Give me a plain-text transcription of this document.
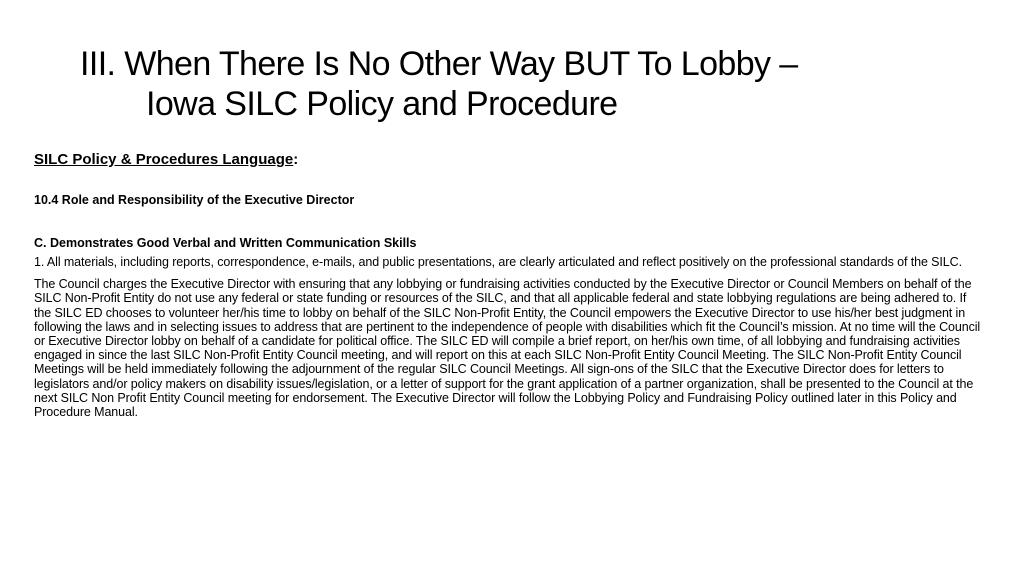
III. When There Is No Other Way BUT To Lobby –
Iowa SILC Policy and Procedure
SILC Policy & Procedures Language:
10.4 Role and Responsibility of the Executive Director
C. Demonstrates Good Verbal and Written Communication Skills

1. All materials, including reports, correspondence, e-mails, and public presentations, are clearly articulated and reflect positively on the professional standards of the SILC.

The Council charges the Executive Director with ensuring that any lobbying or fundraising activities conducted by the Executive Director or Council Members on behalf of the SILC Non-Profit Entity do not use any federal or state funding or resources of the SILC, and that all applicable federal and state lobbying regulations are being adhered to. If the SILC ED chooses to volunteer her/his time to lobby on behalf of the SILC Non-Profit Entity, the Council empowers the Executive Director to use his/her best judgment in following the laws and in selecting issues to address that are pertinent to the independence of people with disabilities which fit the Council’s mission. At no time will the Council or Executive Director lobby on behalf of a candidate for political office. The SILC ED will compile a brief report, on her/his own time, of all lobbying and fundraising activities engaged in since the last SILC Non-Profit Entity Council meeting, and will report on this at each SILC Non-Profit Entity Council Meeting. The SILC Non-Profit Entity Council Meetings will be held immediately following the adjournment of the regular SILC Council Meetings. All sign-ons of the SILC that the Executive Director does for letters to legislators and/or policy makers on disability issues/legislation, or a letter of support for the grant application of a partner organization, shall be presented to the Council at the next SILC Non Profit Entity Council meeting for endorsement. The Executive Director will follow the Lobbying Policy and Fundraising Policy outlined later in this Policy and Procedure Manual.
